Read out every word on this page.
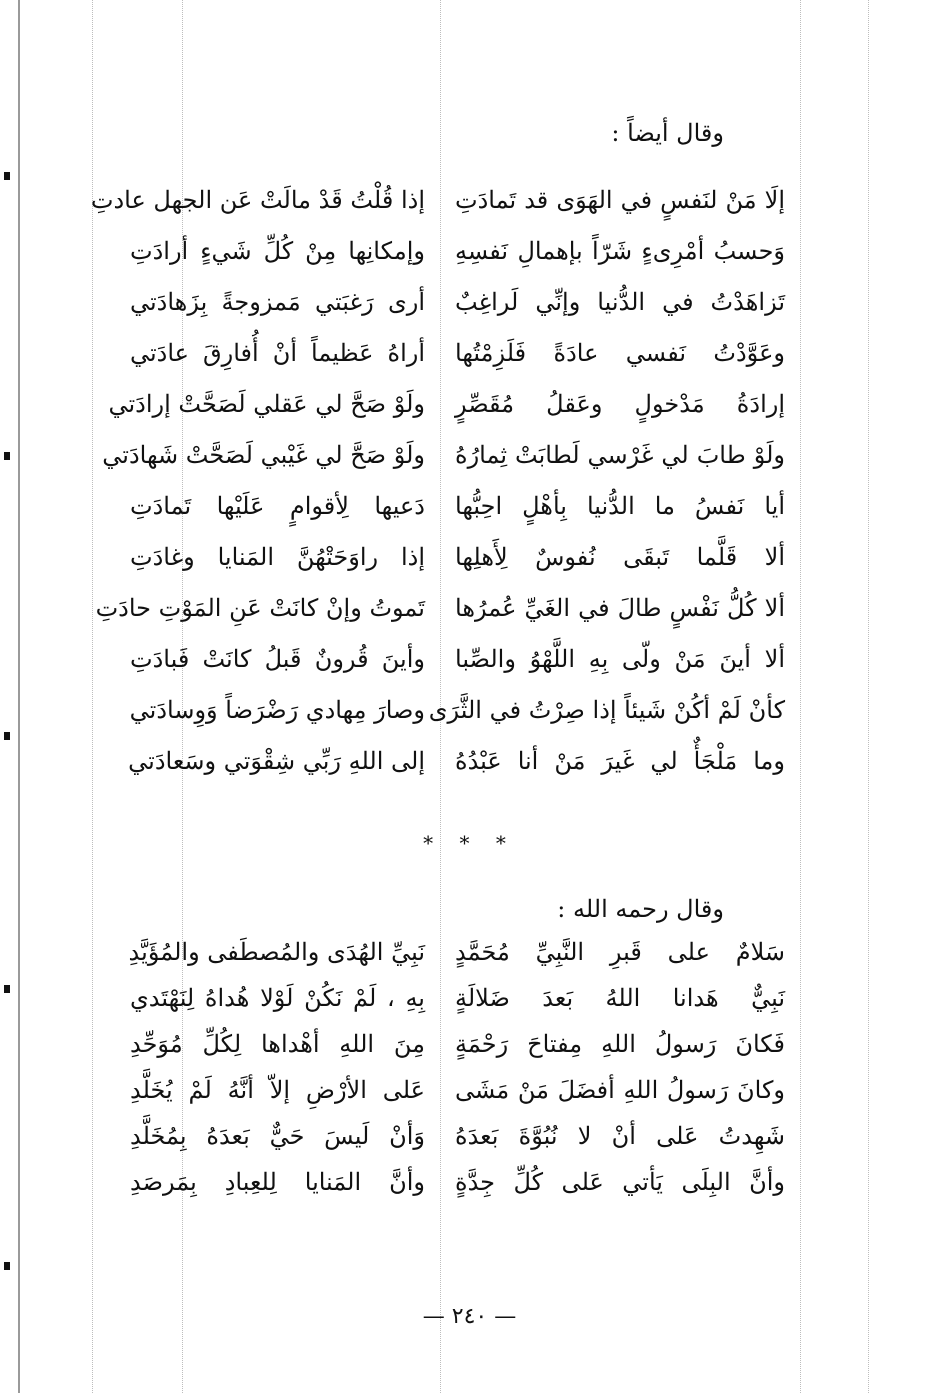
وقال أيضاً :
إلَا مَنْ لنَفسٍ في الهَوَى قد تَمادَتِ
إذا قُلْتُ قَدْ مالَتْ عَن الجهل عادتِ
وَحسبُ أمْرِىءٍ شَرّاً بإهمالِ نَفسِهِ
وإمكانِها مِنْ كُلِّ شَيءٍ أرادَتِ
تَزاهَدْتُ في الدُّنيا وإنِّي لَراغِبٌ
أرى رَغبَتي مَمزوجةً بِزَهادَتي
وعَوَّدْتُ نَفسي عادَةً فَلَزِمْتُها
أراهُ عَظيماً أنْ أُفارِقَ عادَتي
إرادَةُ مَدْخولٍ وعَقلُ مُقَصِّرٍ
ولَوْ صَحَّ لي عَقلي لَصَحَّتْ إرادَتي
ولَوْ طابَ لي غَرْسي لَطابَتْ ثِمارُهُ
ولَوْ صَحَّ لي غَيْبي لَصَحَّتْ شَهادَتي
أيا نَفسُ ما الدُّنيا بِأهْلٍ احِبُّها
دَعيها لِأقوامٍ عَلَيْها تَمادَتِ
ألا قَلَّما تَبقَى نُفوسٌ لِأَهلِها
إذا راوَحَتْهُنَّ المَنايا وغادَتِ
ألا كُلُّ نَفْسٍ طالَ في الغَيِّ عُمرُها
تَموتُ وإنْ كانَتْ عَنِ المَوْتِ حادَتِ
ألا أينَ مَنْ ولّى بِهِ اللَّهْوُ والصِّبا
وأينَ قُرونٌ قَبلُ كانَتْ فَبادَتِ
كأنْ لَمْ أكُنْ شَيئاً إذا صِرْتُ في الثَّرَى
وصارَ مِهادي رَضْرَضاً وَوِسادَتي
وما مَلْجَأٌ لي غَيرَ مَنْ أنا عَبْدُهُ
إلى اللهِ رَبِّي شِقْوَتي وسَعادَتي
* * *
وقال رحمه الله :
سَلامٌ على قَبرِ النَّبِيِّ مُحَمَّدٍ
نَبِيِّ الهُدَى والمُصطَفى والمُؤَيَّدِ
نَبِيٌّ هَدانا اللهُ بَعدَ ضَلالَةٍ
بِهِ ، لَمْ نَكُنْ لَوْلا هُداهُ لِنَهْتَدي
فَكانَ رَسولُ اللهِ مِفتاحَ رَحْمَةٍ
مِنَ اللهِ أهْداها لِكُلِّ مُوَحِّدِ
وكانَ رَسولُ اللهِ أفضَلَ مَنْ مَشَى
عَلى الأرْضِ إلاّ أنَّهُ لَمْ يُخَلَّدِ
شَهِدتُ عَلى أنْ لا نُبُوَّةَ بَعدَهُ
وَأنْ لَيسَ حَيٌّ بَعدَهُ بِمُخَلَّدِ
وأنَّ البِلَى يَأتي عَلى كُلِّ جِدَّةٍ
وأنَّ المَنايا لِلعِبادِ بِمَرصَدِ
— ٢٤٠ —
